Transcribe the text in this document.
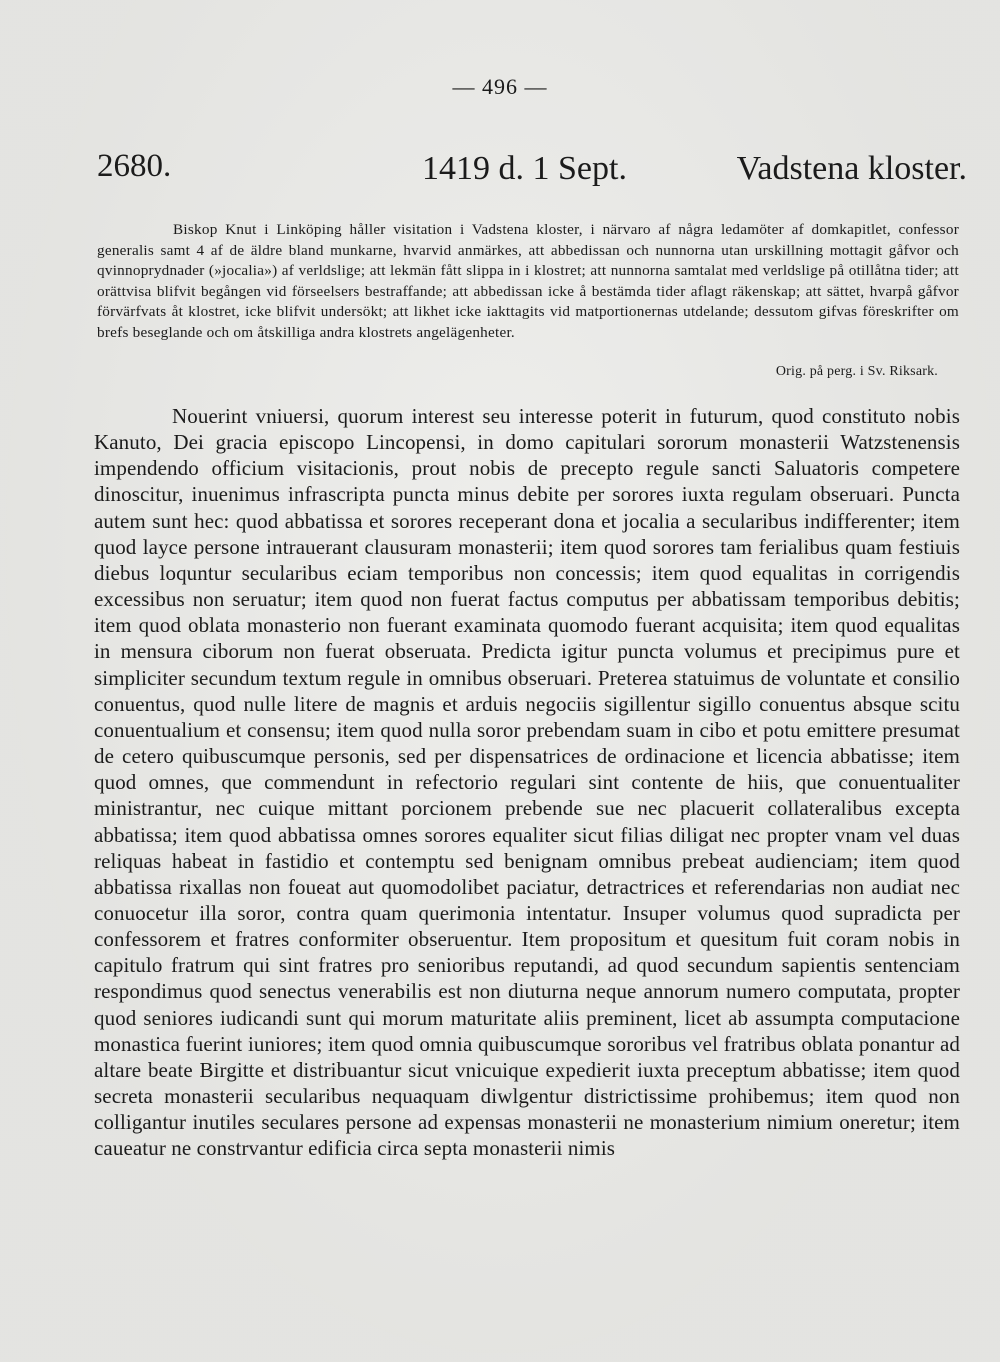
— 496 —
2680.	1419 d. 1 Sept.	Vadstena kloster.

Biskop Knut i Linköping håller visitation i Vadstena kloster, i närvaro af några ledamöter af domkapitlet, confessor generalis samt 4 af de äldre bland munkarne, hvarvid anmärkes, att abbedissan och nunnorna utan urskillning mottagit gåfvor och qvinnoprydnader (»jocalia») af verldslige; att lekmän fått slippa in i klostret; att nunnorna samtalat med verldslige på otillåtna tider; att orättvisa blifvit begången vid förseelsers bestraffande; att abbedissan icke å bestämda tider aflagt räkenskap; att sättet, hvarpå gåfvor förvärfvats åt klostret, icke blifvit undersökt; att likhet icke iakttagits vid matportionernas utdelande; dessutom gifvas föreskrifter om brefs beseglande och om åtskilliga andra klostrets angelägenheter.

Orig. på perg. i Sv. Riksark.

Nouerint vniuersi, quorum interest seu interesse poterit in futurum, quod constituto nobis Kanuto, Dei gracia episcopo Lincopensi, in domo capitulari sororum monasterii Watzstenensis impendendo officium visitacionis, prout nobis de precepto regule sancti Saluatoris competere dinoscitur, inuenimus infrascripta puncta minus debite per sorores iuxta regulam obseruari. Puncta autem sunt hec: quod abbatissa et sorores receperant dona et jocalia a secularibus indifferenter; item quod layce persone intrauerant clausuram monasterii; item quod sorores tam ferialibus quam festiuis diebus loquntur secularibus eciam temporibus non concessis; item quod equalitas in corrigendis excessibus non seruatur; item quod non fuerat factus computus per abbatissam temporibus debitis; item quod oblata monasterio non fuerant examinata quomodo fuerant acquisita; item quod equalitas in mensura ciborum non fuerat obseruata. Predicta igitur puncta volumus et precipimus pure et simpliciter secundum textum regule in omnibus obseruari. Preterea statuimus de voluntate et consilio conuentus, quod nulle litere de magnis et arduis negociis sigillentur sigillo conuentus absque scitu conuentualium et consensu; item quod nulla soror prebendam suam in cibo et potu emittere presumat de cetero quibuscumque personis, sed per dispensatrices de ordinacione et licencia abbatisse; item quod omnes, que commendunt in refectorio regulari sint contente de hiis, que conuentualiter ministrantur, nec cuique mittant porcionem prebende sue nec placuerit collateralibus excepta abbatissa; item quod abbatissa omnes sorores equaliter sicut filias diligat nec propter vnam vel duas reliquas habeat in fastidio et contemptu sed benignam omnibus prebeat audienciam; item quod abbatissa rixallas non foueat aut quomodolibet paciatur, detractrices et referendarias non audiat nec conuocetur illa soror, contra quam querimonia intentatur. Insuper volumus quod supradicta per confessorem et fratres conformiter obseruentur. Item propositum et quesitum fuit coram nobis in capitulo fratrum qui sint fratres pro senioribus reputandi, ad quod secundum sapientis sentenciam respondimus quod senectus venerabilis est non diuturna neque annorum numero computata, propter quod seniores iudicandi sunt qui morum maturitate aliis preminent, licet ab assumpta computacione monastica fuerint iuniores; item quod omnia quibuscumque sororibus vel fratribus oblata ponantur ad altare beate Birgitte et distribuantur sicut vnicuique expedierit iuxta preceptum abbatisse; item quod secreta monasterii secularibus nequaquam diwlgentur districtissime prohibemus; item quod non colligantur inutiles seculares persone ad expensas monasterii ne monasterium nimium oneretur; item caueatur ne constrvantur edificia circa septa monasterii nimis
